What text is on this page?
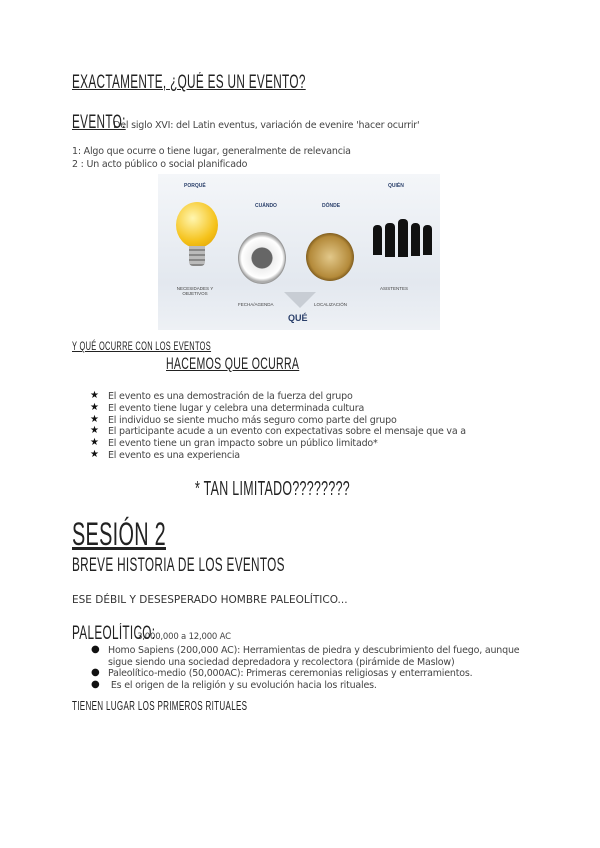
EXACTAMENTE, ¿QUÉ ES UN EVENTO?
EVENTO: Del siglo XVI: del Latin eventus, variación de evenire 'hacer ocurrir'
1: Algo que ocurre o tiene lugar, generalmente de relevancia
2 : Un acto público o social planificado
PORQUÉ
CUÁNDO	DÓNDE
QUIÉN
NECESIDADES Y OBJETIVOS
ASISTENTES
FECHA/AGENDA	LOCALIZACIÓN
QUÉ
Y QUÉ OCURRE CON LOS EVENTOS
HACEMOS QUE OCURRA
★ El evento es una demostración de la fuerza del grupo
★ El evento tiene lugar y celebra una determinada cultura
★ El individuo se siente mucho más seguro como parte del grupo
★ El participante acude a un evento con expectativas sobre el mensaje que va a
★ El evento tiene un gran impacto sobre un público limitado*
★ El evento es una experiencia
* TAN LIMITADO????????
SESIÓN 2
BREVE HISTORIA DE LOS EVENTOS
ESE DÉBIL Y DESESPERADO HOMBRE PALEOLÍTICO...
PALEOLÍTICO: 3,000,000 a 12,000 AC
● Homo Sapiens (200,000 AC): Herramientas de piedra y descubrimiento del fuego, aunque
sigue siendo una sociedad depredadora y recolectora (pirámide de Maslow)
● Paleolítico-medio (50,000AC): Primeras ceremonias religiosas y enterramientos.
● Es el origen de la religión y su evolución hacia los rituales.
TIENEN LUGAR LOS PRIMEROS RITUALES
